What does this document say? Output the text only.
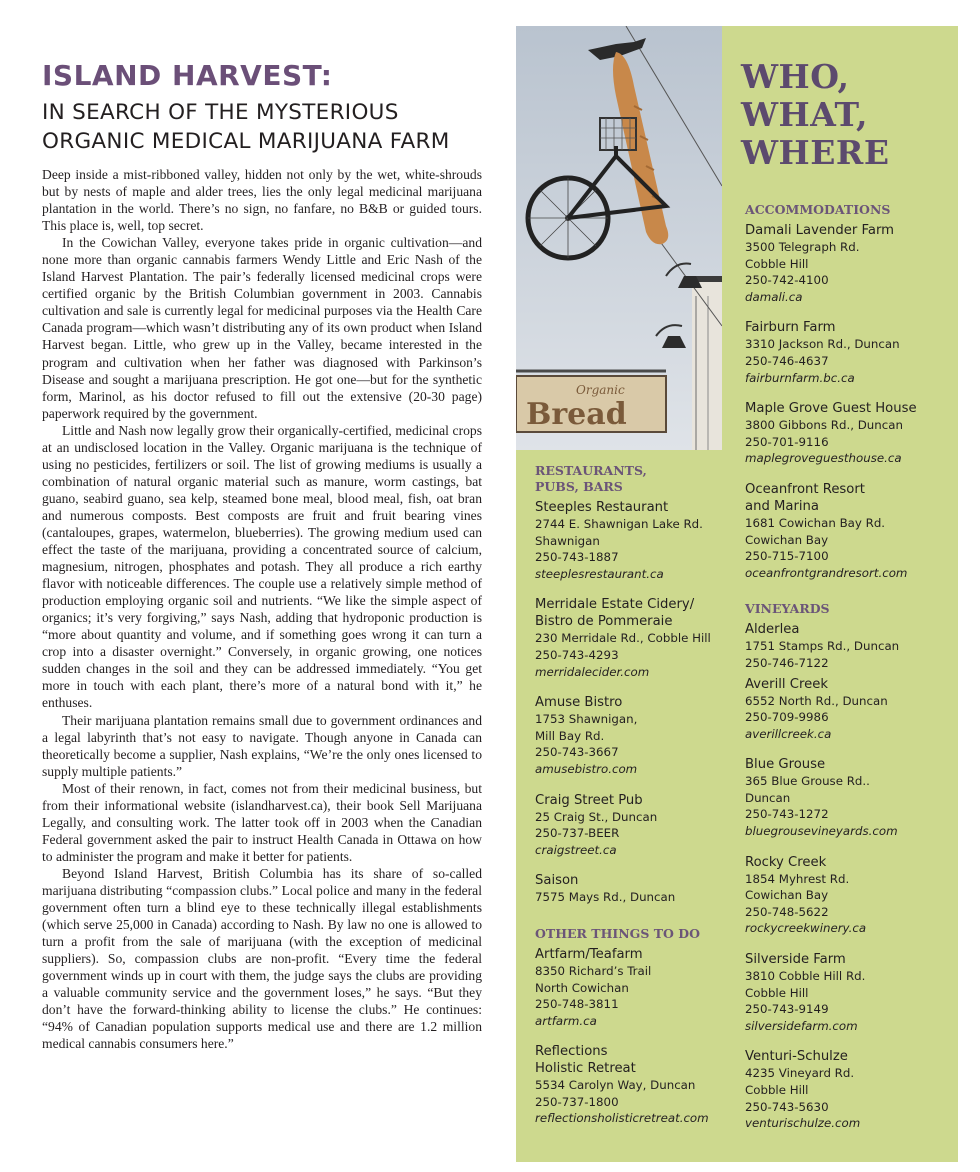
ISLAND HARVEST:
IN SEARCH OF THE MYSTERIOUS
ORGANIC MEDICAL MARIJUANA FARM

Deep inside a mist-ribboned valley, hidden not only by the wet, white-shrouds but by nests of maple and alder trees, lies the only legal medicinal marijuana plantation in the world. There’s no sign, no fanfare, no B&B or guided tours. This place is, well, top secret.

In the Cowichan Valley, everyone takes pride in organic cultivation—and none more than organic cannabis farmers Wendy Little and Eric Nash of the Island Harvest Plantation. The pair’s federally licensed medicinal crops were certified organic by the British Columbian government in 2003. Cannabis cultivation and sale is currently legal for medicinal purposes via the Health Care Canada program—which wasn’t distributing any of its own product when Island Harvest began. Little, who grew up in the Valley, became interested in the program and cultivation when her father was diagnosed with Parkinson’s Disease and sought a marijuana prescription. He got one—but for the synthetic form, Marinol, as his doctor refused to fill out the extensive (20-30 page) paperwork required by the government.

Little and Nash now legally grow their organically-certified, medicinal crops at an undisclosed location in the Valley. Organic marijuana is the technique of using no pesticides, fertilizers or soil. The list of growing mediums is usually a combination of natural organic material such as manure, worm castings, bat guano, seabird guano, sea kelp, steamed bone meal, blood meal, fish, oat bran and numerous composts. Best composts are fruit and fruit bearing vines (cantaloupes, grapes, watermelon, blueberries). The growing medium used can effect the taste of the marijuana, providing a concentrated source of calcium, magnesium, nitrogen, phosphates and potash. They all produce a rich earthy flavor with noticeable differences. The couple use a relatively simple method of production employing organic soil and nutrients. “We like the simple aspect of organics; it’s very forgiving,” says Nash, adding that hydroponic production is “more about quantity and volume, and if something goes wrong it can turn a crop into a disaster overnight.” Conversely, in organic growing, one notices sudden changes in the soil and they can be addressed immediately. “You get more in touch with each plant, there’s more of a natural bond with it,” he enthuses.

Their marijuana plantation remains small due to government ordinances and a legal labyrinth that’s not easy to navigate. Though anyone in Canada can theoretically become a supplier, Nash explains, “We’re the only ones licensed to supply multiple patients.”

Most of their renown, in fact, comes not from their medicinal business, but from their informational website (islandharvest.ca), their book Sell Marijuana Legally, and consulting work. The latter took off in 2003 when the Canadian Federal government asked the pair to instruct Health Canada in Ottawa on how to administer the program and make it better for patients.

Beyond Island Harvest, British Columbia has its share of so-called marijuana distributing “compassion clubs.” Local police and many in the federal government often turn a blind eye to these technically illegal establishments (which serve 25,000 in Canada) according to Nash. By law no one is allowed to turn a profit from the sale of marijuana (with the exception of medicinal suppliers). So, compassion clubs are non-profit. “Every time the federal government winds up in court with them, the judge says the clubs are providing a valuable community service and the government loses,” he says. “But they don’t have the forward-thinking ability to license the clubs.” He continues: “94% of Canadian population supports medical use and there are 1.2 million medical cannabis consumers here.”

Organic
Bread
WHO,
WHAT,
WHERE
RESTAURANTS,
PUBS, BARS
Steeples Restaurant
2744 E. Shawnigan Lake Rd.
Shawnigan
250-743-1887
steeplesrestaurant.ca
Merridale Estate Cidery/
Bistro de Pommeraie
230 Merridale Rd., Cobble Hill
250-743-4293
merridalecider.com
Amuse Bistro
1753 Shawnigan,
Mill Bay Rd.
250-743-3667
amusebistro.com
Craig Street Pub
25 Craig St., Duncan
250-737-BEER
craigstreet.ca
Saison
7575 Mays Rd., Duncan
OTHER THINGS TO DO
Artfarm/Teafarm
8350 Richard’s Trail
North Cowichan
250-748-3811
artfarm.ca
Reflections
Holistic Retreat
5534 Carolyn Way, Duncan
250-737-1800
reflectionsholisticretreat.com
ACCOMMODATIONS
Damali Lavender Farm
3500 Telegraph Rd.
Cobble Hill
250-742-4100
damali.ca
Fairburn Farm
3310 Jackson Rd., Duncan
250-746-4637
fairburnfarm.bc.ca
Maple Grove Guest House
3800 Gibbons Rd., Duncan
250-701-9116
maplegroveguesthouse.ca
Oceanfront Resort
and Marina
1681 Cowichan Bay Rd.
Cowichan Bay
250-715-7100
oceanfrontgrandresort.com
VINEYARDS
Alderlea
1751 Stamps Rd., Duncan
250-746-7122
Averill Creek
6552 North Rd., Duncan
250-709-9986
averillcreek.ca
Blue Grouse
365 Blue Grouse Rd..
Duncan
250-743-1272
bluegrousevineyards.com
Rocky Creek
1854 Myhrest Rd.
Cowichan Bay
250-748-5622
rockycreekwinery.ca
Silverside Farm
3810 Cobble Hill Rd.
Cobble Hill
250-743-9149
silversidefarm.com
Venturi-Schulze
4235 Vineyard Rd.
Cobble Hill
250-743-5630
venturischulze.com
